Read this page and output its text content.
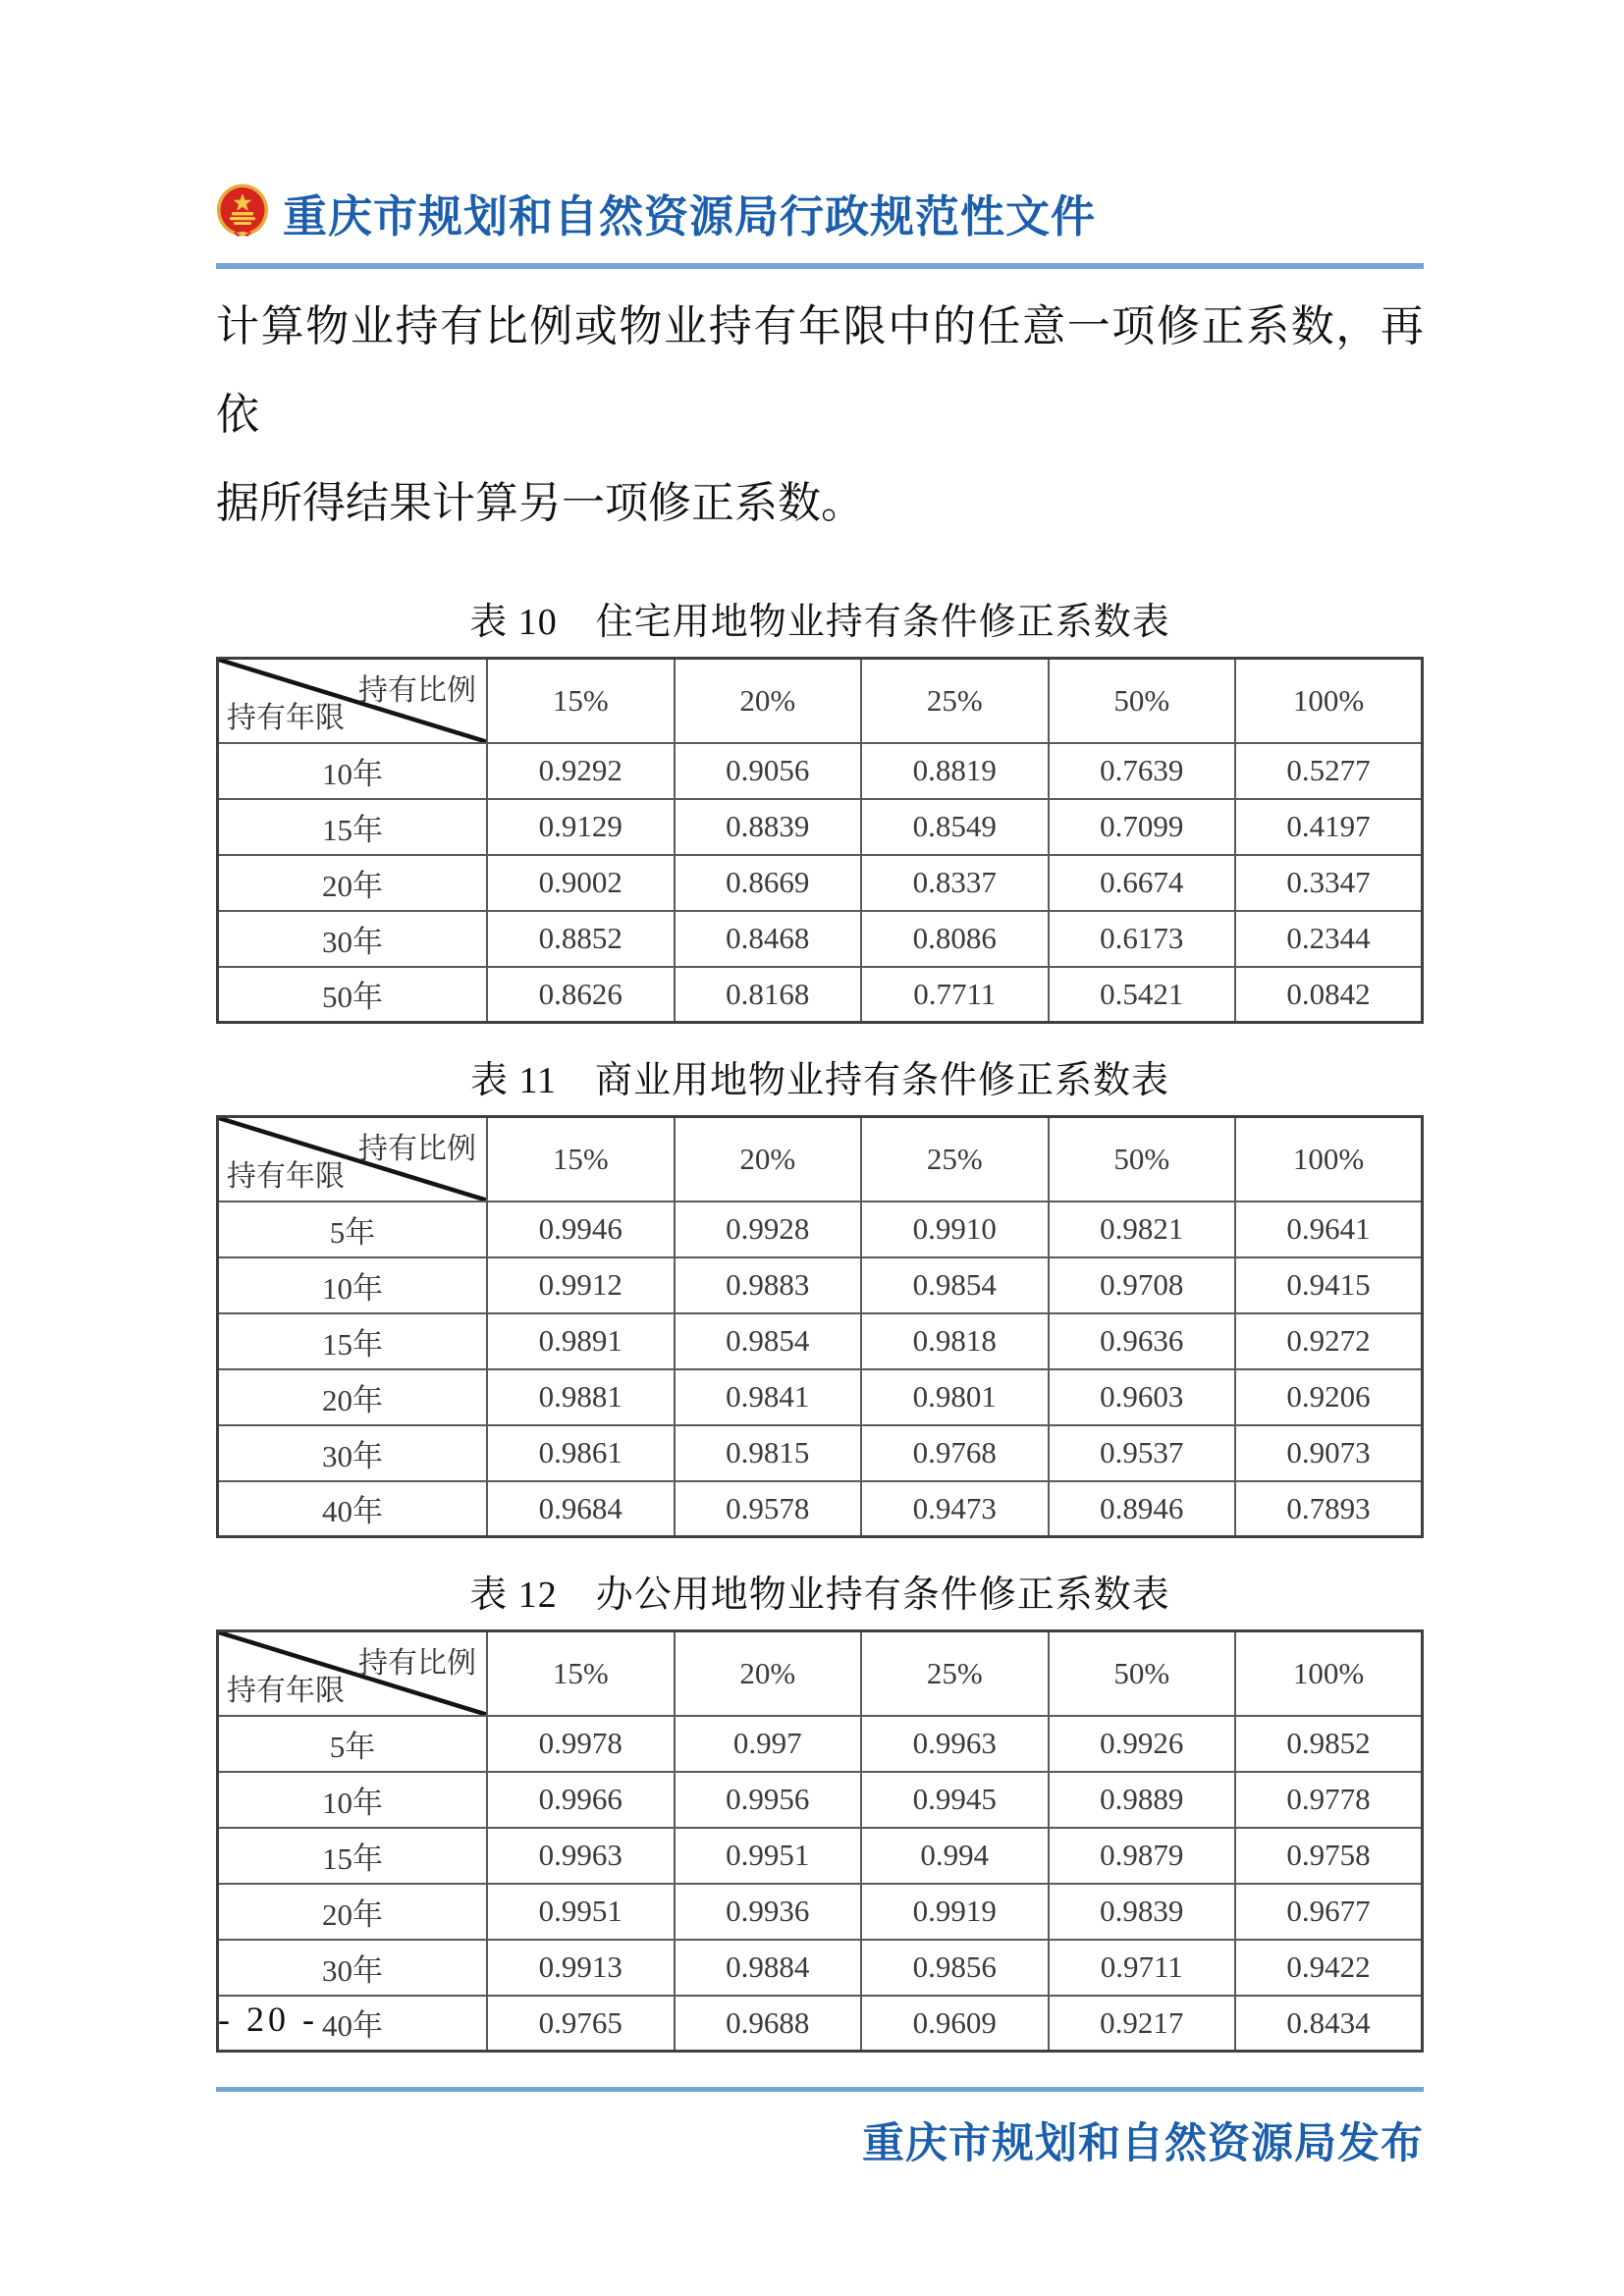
重庆市规划和自然资源局行政规范性文件

计算物业持有比例或物业持有年限中的任意一项修正系数，再依
据所得结果计算另一项修正系数。

表 10　住宅用地物业持有条件修正系数表
持有比例
持有年限	15%	20%	25%	50%	100%
10年	0.9292	0.9056	0.8819	0.7639	0.5277
15年	0.9129	0.8839	0.8549	0.7099	0.4197
20年	0.9002	0.8669	0.8337	0.6674	0.3347
30年	0.8852	0.8468	0.8086	0.6173	0.2344
50年	0.8626	0.8168	0.7711	0.5421	0.0842
表 11　商业用地物业持有条件修正系数表
持有比例
持有年限	15%	20%	25%	50%	100%
5年	0.9946	0.9928	0.9910	0.9821	0.9641
10年	0.9912	0.9883	0.9854	0.9708	0.9415
15年	0.9891	0.9854	0.9818	0.9636	0.9272
20年	0.9881	0.9841	0.9801	0.9603	0.9206
30年	0.9861	0.9815	0.9768	0.9537	0.9073
40年	0.9684	0.9578	0.9473	0.8946	0.7893
表 12　办公用地物业持有条件修正系数表
持有比例
持有年限	15%	20%	25%	50%	100%
5年	0.9978	0.997	0.9963	0.9926	0.9852
10年	0.9966	0.9956	0.9945	0.9889	0.9778
15年	0.9963	0.9951	0.994	0.9879	0.9758
20年	0.9951	0.9936	0.9919	0.9839	0.9677
30年	0.9913	0.9884	0.9856	0.9711	0.9422
40年	0.9765	0.9688	0.9609	0.9217	0.8434
- 20 -
重庆市规划和自然资源局发布
